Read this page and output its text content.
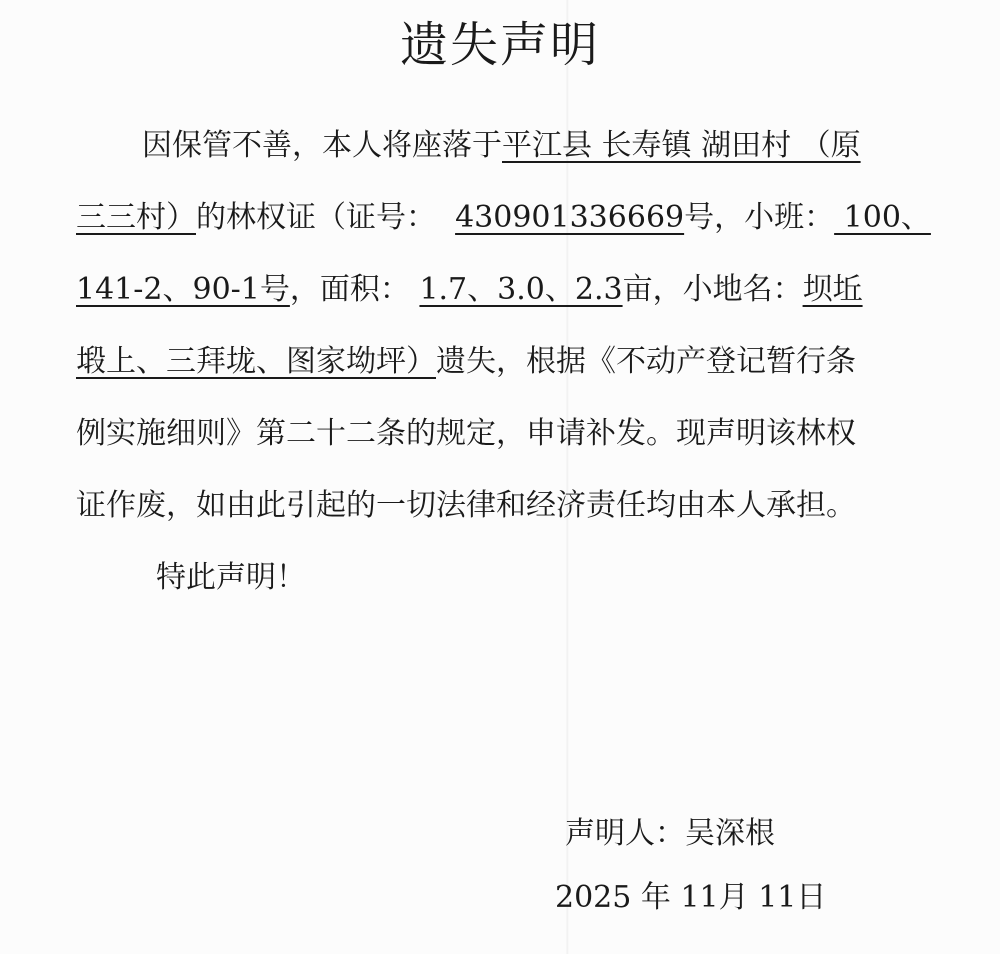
遗失声明
因保管不善，本人将座落于平江县 长寿镇 湖田村 （原
三三村）的林权证（证号： 430901336669号，小班： 100、
141-2、90-1号，面积： 1.7、3.0、2.3亩，小地名：坝坵
塅上、三拜垅、图家坳坪）遗失，根据《不动产登记暂行条
例实施细则》第二十二条的规定，申请补发。现声明该林权
证作废，如由此引起的一切法律和经济责任均由本人承担。
特此声明！
声明人：吴深根
2025 年 11月 11日
